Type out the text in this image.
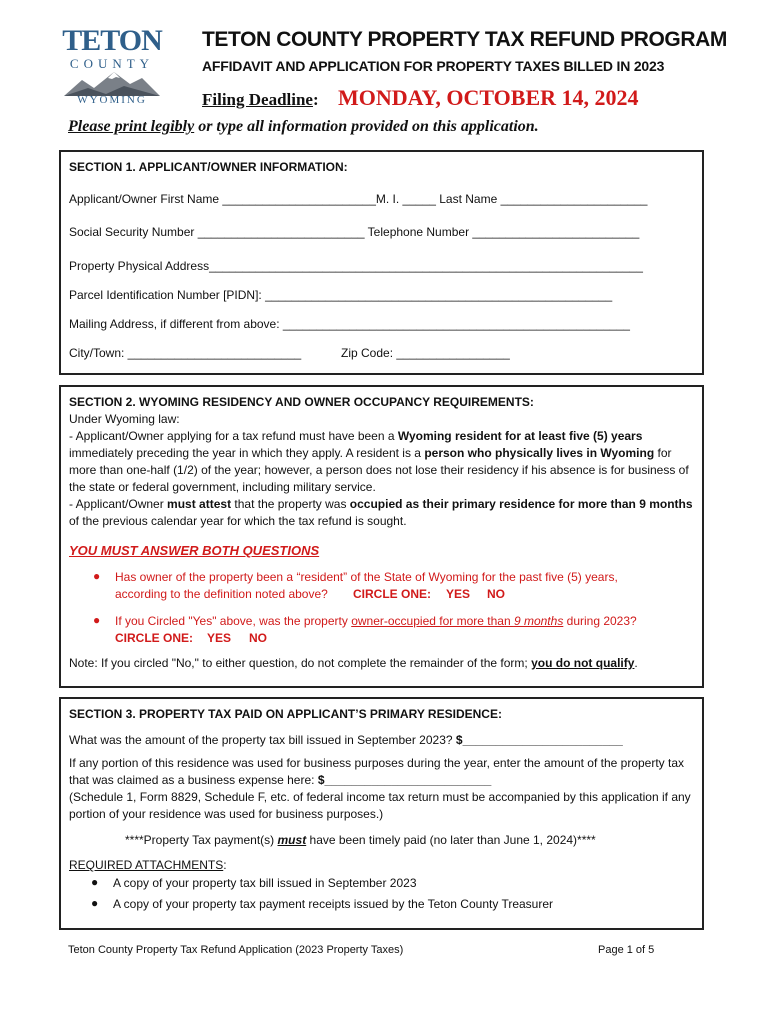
TETON
COUNTY
WYOMING
TETON COUNTY PROPERTY TAX REFUND PROGRAM
AFFIDAVIT AND APPLICATION FOR PROPERTY TAXES BILLED IN 2023
Filing Deadline : MONDAY, OCTOBER 14, 2024
Please print legibly or type all information provided on this application.
SECTION 1. APPLICANT/OWNER INFORMATION:
Applicant/Owner First Name _______________________M. I. _____ Last Name ______________________
Social Security Number _________________________ Telephone Number _________________________
Property Physical Address_________________________________________________________________
Parcel Identification Number [PIDN]: ____________________________________________________
Mailing Address, if different from above: ____________________________________________________
City/Town: __________________________	Zip Code: _________________
SECTION 2. WYOMING RESIDENCY AND OWNER OCCUPANCY REQUIREMENTS:
Under Wyoming law:
- Applicant/Owner applying for a tax refund must have been a Wyoming resident for at least five (5) years immediately preceding the year in which they apply. A resident is a person who physically lives in Wyoming for more than one-half (1/2) of the year; however, a person does not lose their residency if his absence is for business of the state or federal government, including military service.
- Applicant/Owner must attest that the property was occupied as their primary residence for more than 9 months of the previous calendar year for which the tax refund is sought.
YOU MUST ANSWER BOTH QUESTIONS
● Has owner of the property been a “resident” of the State of Wyoming for the past five (5) years,
according to the definition noted above? CIRCLE ONE: YES NO
● If you Circled "Yes" above, was the property owner-occupied for more than 9 months during 2023?
CIRCLE ONE: YES NO
Note: If you circled "No," to either question, do not complete the remainder of the form; you do not qualify.
SECTION 3. PROPERTY TAX PAID ON APPLICANT’S PRIMARY RESIDENCE:
What was the amount of the property tax bill issued in September 2023? $________________________
If any portion of this residence was used for business purposes during the year, enter the amount of the property tax that was claimed as a business expense here: $_________________________
(Schedule 1, Form 8829, Schedule F, etc. of federal income tax return must be accompanied by this application if any portion of your residence was used for business purposes.)
****Property Tax payment(s) must have been timely paid (no later than June 1, 2024)****
REQUIRED ATTACHMENTS:
● A copy of your property tax bill issued in September 2023
● A copy of your property tax payment receipts issued by the Teton County Treasurer
Teton County Property Tax Refund Application (2023 Property Taxes)	Page 1 of 5
